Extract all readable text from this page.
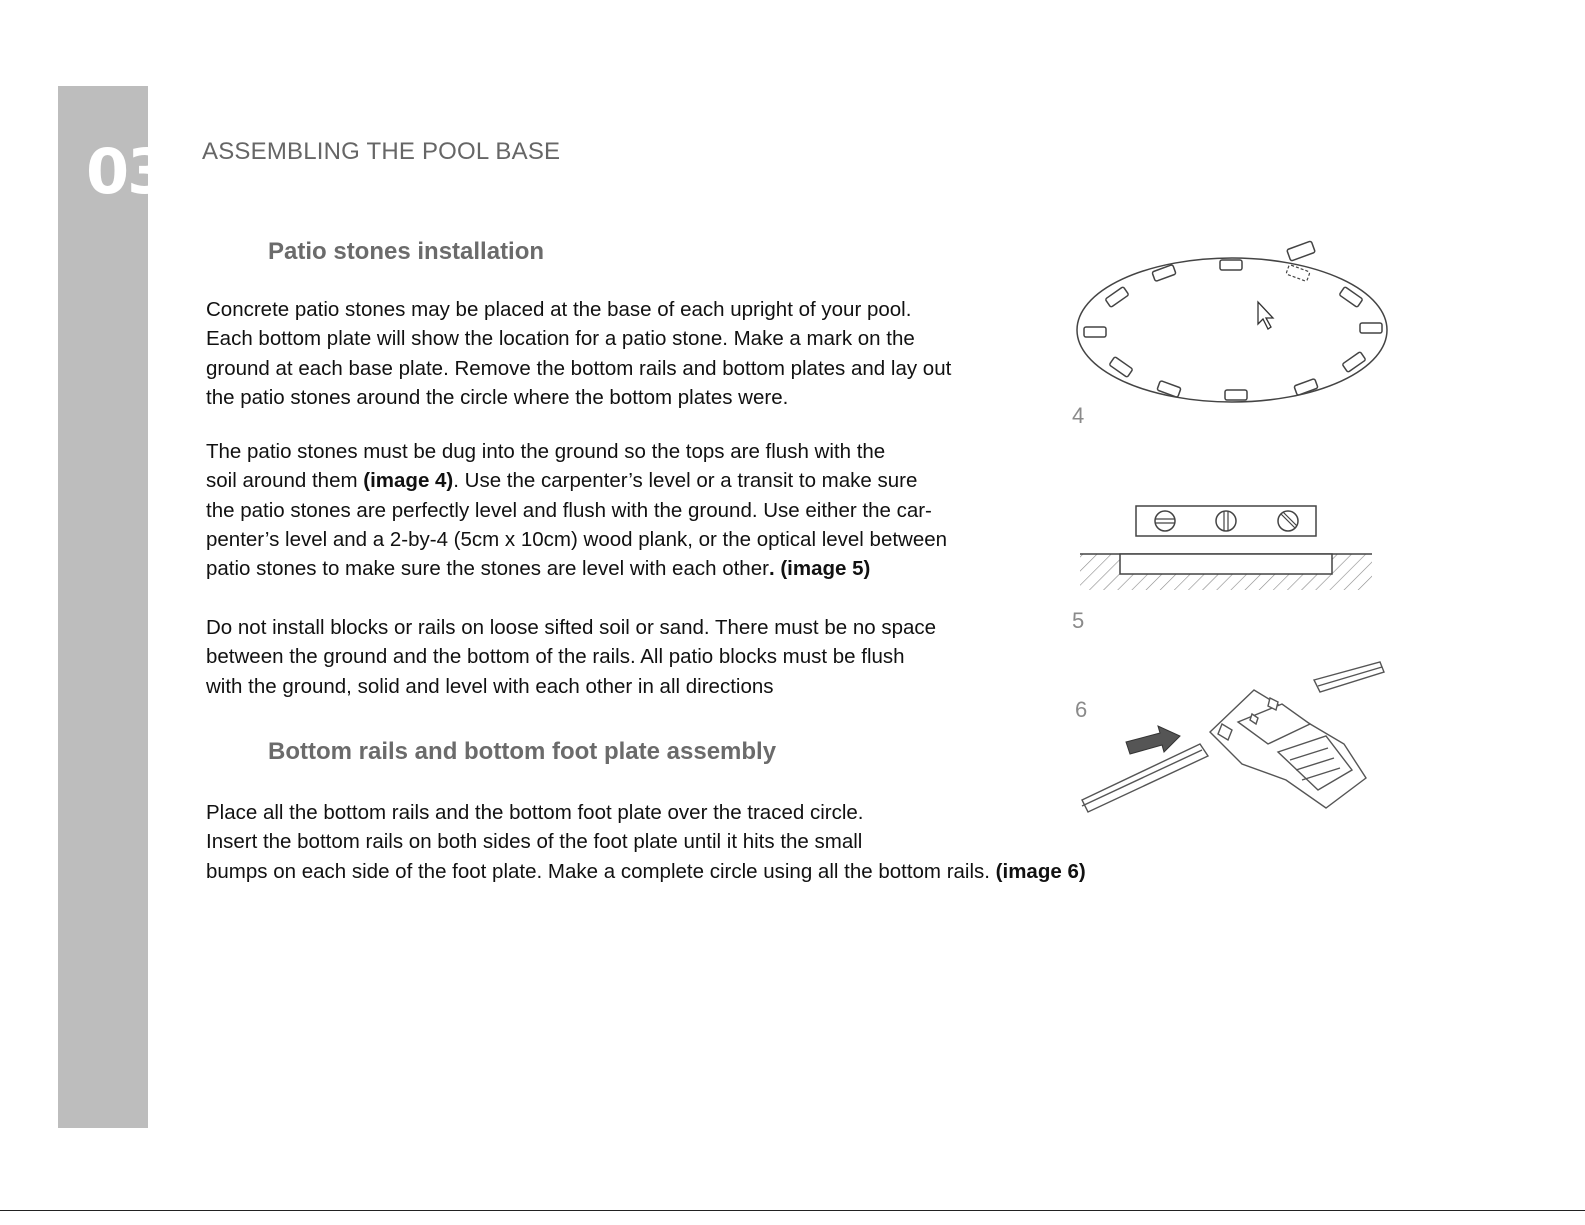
03 ASSEMBLING THE POOL BASE
Patio stones installation
Concrete patio stones may be placed at the base of each upright of your pool.
Each bottom plate will show the location for a patio stone. Make a mark on the
ground at each base plate. Remove the bottom rails and bottom plates and lay out
the patio stones around the circle where the bottom plates were.
The patio stones must be dug into the ground so the tops are flush with the
soil around them (image 4). Use the carpenter’s level or a transit to make sure
the patio stones are perfectly level and flush with the ground. Use either the car-
penter’s level and a 2-by-4 (5cm x 10cm) wood plank, or the optical level between
patio stones to make sure the stones are level with each other. (image 5)
Do not install blocks or rails on loose sifted soil or sand. There must be no space
between the ground and the bottom of the rails. All patio blocks must be flush
with the ground, solid and level with each other in all directions
Bottom rails and bottom foot plate assembly
Place all the bottom rails and the bottom foot plate over the traced circle.
Insert the bottom rails on both sides of the foot plate until it hits the small
bumps on each side of the foot plate. Make a complete circle using all the bottom rails. (image 6)
4
5
6
